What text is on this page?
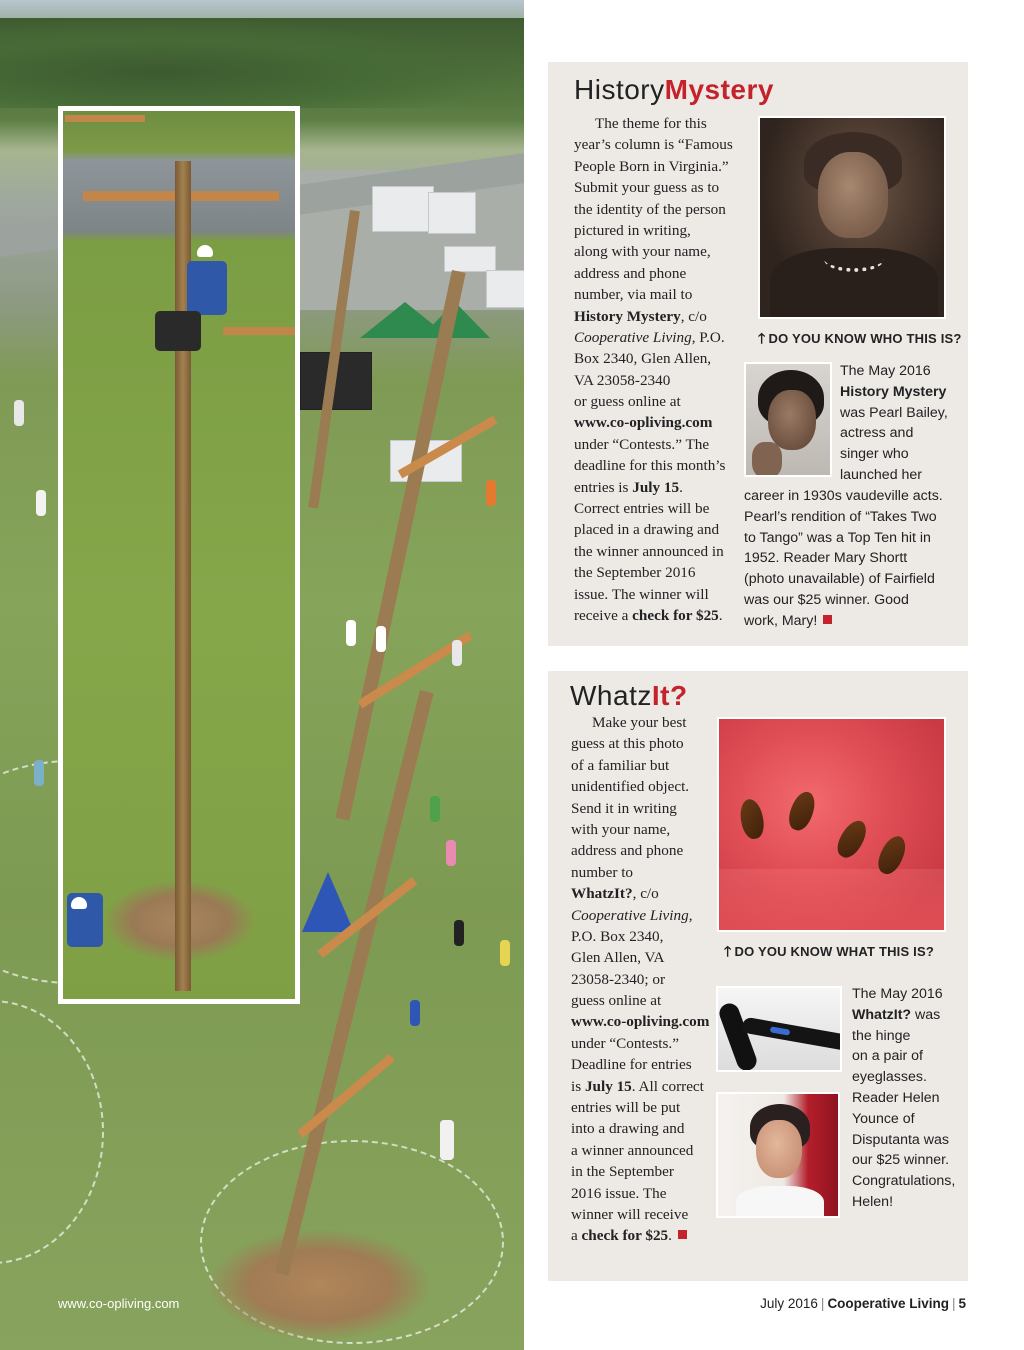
www.co-opliving.com
HistoryMystery
The theme for this
year’s column is “Famous
People Born in Virginia.”
Submit your guess as to
the identity of the person
pictured in writing,
along with your name,
address and phone
number, via mail to
History Mystery, c/o
Cooperative Living, P.O.
Box 2340, Glen Allen,
VA 23058-2340
or guess online at
www.co-opliving.com
under “Contests.” The
deadline for this month’s
entries is July 15.
Correct entries will be
placed in a drawing and
the winner announced in
the September 2016
issue. The winner will
receive a check for $25.
🡑 DO YOU KNOW WHO THIS IS?
The May 2016
History Mystery
was Pearl Bailey,
actress and
singer who
launched her
career in 1930s vaudeville acts.
Pearl’s rendition of “Takes Two
to Tango” was a Top Ten hit in
1952. Reader Mary Shortt
(photo unavailable) of Fairfield
was our $25 winner. Good
work, Mary!
WhatzIt?
Make your best
guess at this photo
of a familiar but
unidentified object.
Send it in writing
with your name,
address and phone
number to
WhatzIt?, c/o
Cooperative Living,
P.O. Box 2340,
Glen Allen, VA
23058-2340; or
guess online at
www.co-opliving.com
under “Contests.”
Deadline for entries
is July 15. All correct
entries will be put
into a drawing and
a winner announced
in the September
2016 issue. The
winner will receive
a check for $25.
🡑 DO YOU KNOW WHAT THIS IS?
The May 2016
WhatzIt? was
the hinge
on a pair of
eyeglasses.
Reader Helen
Younce of
Disputanta was
our $25 winner.
Congratulations,
Helen!
July 2016 | Cooperative Living | 5
